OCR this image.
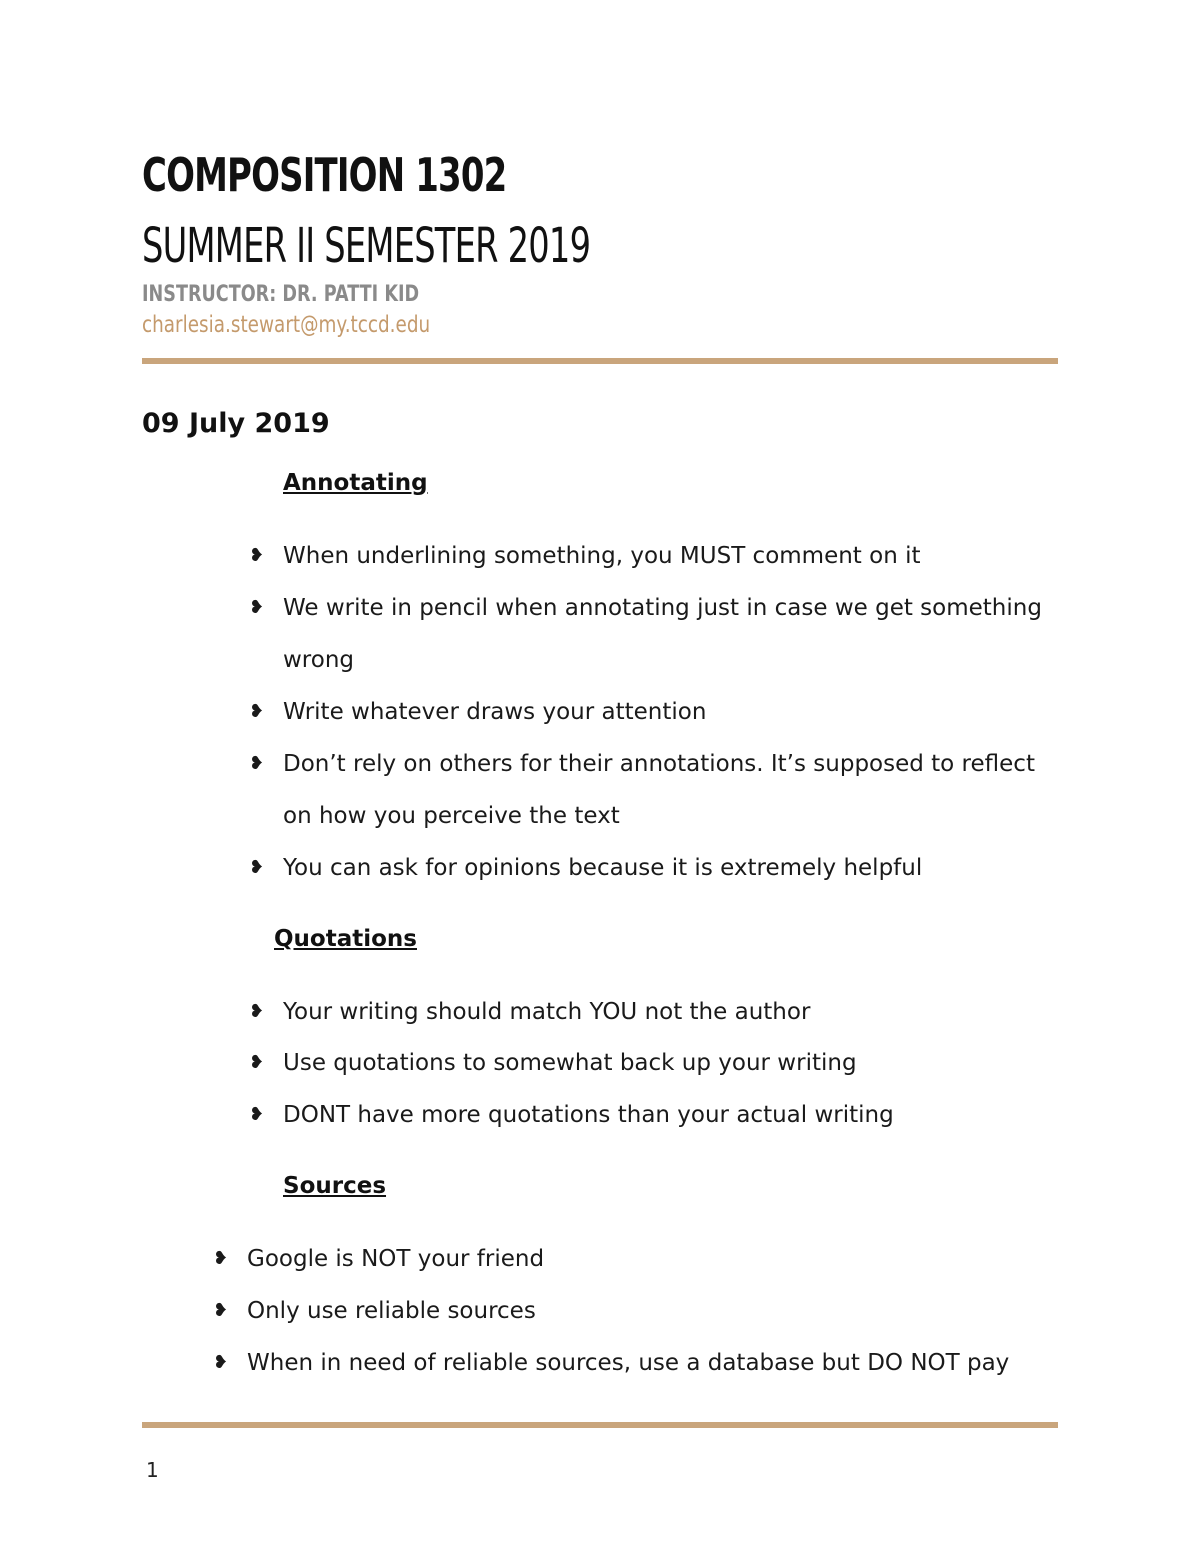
COMPOSITION 1302
SUMMER II SEMESTER 2019
INSTRUCTOR: DR. PATTI KID
charlesia.stewart@my.tccd.edu
09 July 2019
Annotating
❥ When underlining something, you MUST comment on it
❥ We write in pencil when annotating just in case we get something
wrong
❥ Write whatever draws your attention
❥ Don’t rely on others for their annotations. It’s supposed to reflect
on how you perceive the text
❥ You can ask for opinions because it is extremely helpful
Quotations
❥ Your writing should match YOU not the author
❥ Use quotations to somewhat back up your writing
❥ DONT have more quotations than your actual writing
Sources
❥ Google is NOT your friend
❥ Only use reliable sources
❥ When in need of reliable sources, use a database but DO NOT pay
1
